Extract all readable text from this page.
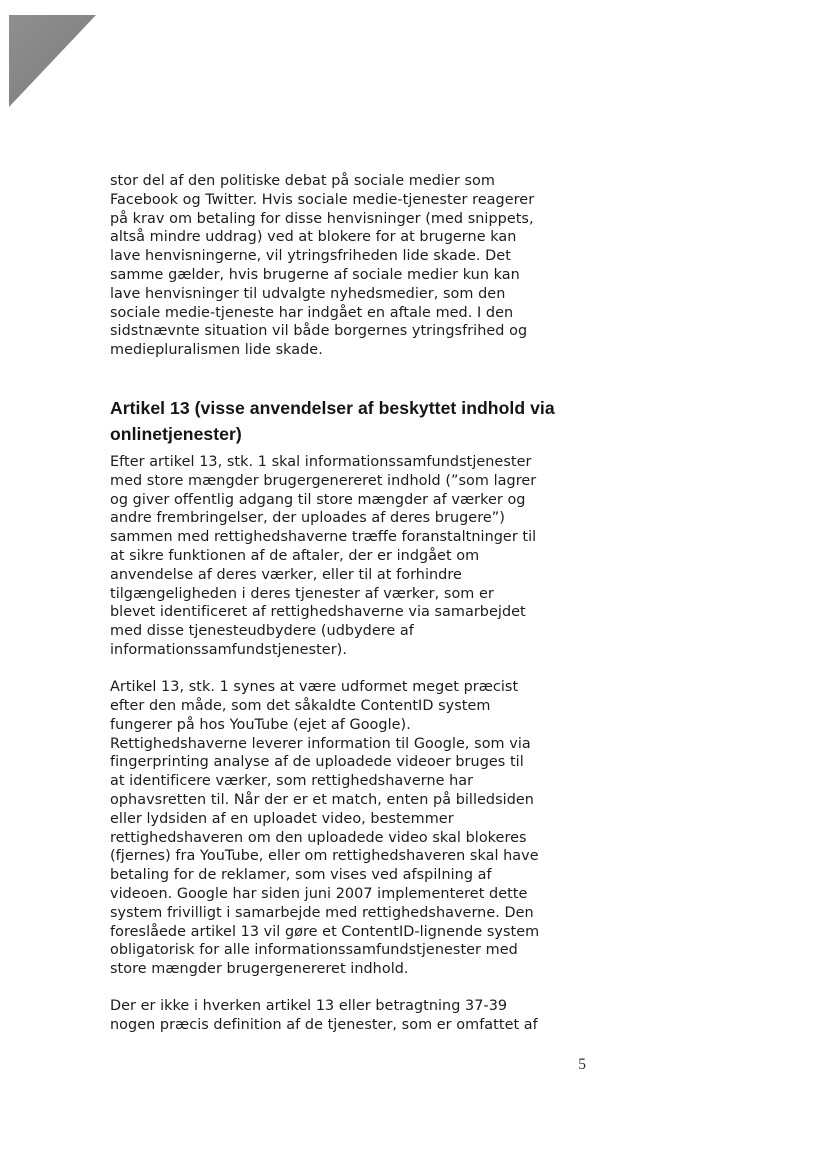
stor del af den politiske debat på sociale medier som
Facebook og Twitter. Hvis sociale medie-tjenester reagerer
på krav om betaling for disse henvisninger (med snippets,
altså mindre uddrag) ved at blokere for at brugerne kan
lave henvisningerne, vil ytringsfriheden lide skade. Det
samme gælder, hvis brugerne af sociale medier kun kan
lave henvisninger til udvalgte nyhedsmedier, som den
sociale medie-tjeneste har indgået en aftale med. I den
sidstnævnte situation vil både borgernes ytringsfrihed og
mediepluralismen lide skade.

Artikel 13 (visse anvendelser af beskyttet indhold via
onlinetjenester)

Efter artikel 13, stk. 1 skal informationssamfundstjenester
med store mængder brugergenereret indhold (”som lagrer
og giver offentlig adgang til store mængder af værker og
andre frembringelser, der uploades af deres brugere”)
sammen med rettighedshaverne træffe foranstaltninger til
at sikre funktionen af de aftaler, der er indgået om
anvendelse af deres værker, eller til at forhindre
tilgængeligheden i deres tjenester af værker, som er
blevet identificeret af rettighedshaverne via samarbejdet
med disse tjenesteudbydere (udbydere af
informationssamfundstjenester).

Artikel 13, stk. 1 synes at være udformet meget præcist
efter den måde, som det såkaldte ContentID system
fungerer på hos YouTube (ejet af Google).
Rettighedshaverne leverer information til Google, som via
fingerprinting analyse af de uploadede videoer bruges til
at identificere værker, som rettighedshaverne har
ophavsretten til. Når der er et match, enten på billedsiden
eller lydsiden af en uploadet video, bestemmer
rettighedshaveren om den uploadede video skal blokeres
(fjernes) fra YouTube, eller om rettighedshaveren skal have
betaling for de reklamer, som vises ved afspilning af
videoen. Google har siden juni 2007 implementeret dette
system frivilligt i samarbejde med rettighedshaverne. Den
foreslåede artikel 13 vil gøre et ContentID-lignende system
obligatorisk for alle informationssamfundstjenester med
store mængder brugergenereret indhold.

Der er ikke i hverken artikel 13 eller betragtning 37-39
nogen præcis definition af de tjenester, som er omfattet af

5
